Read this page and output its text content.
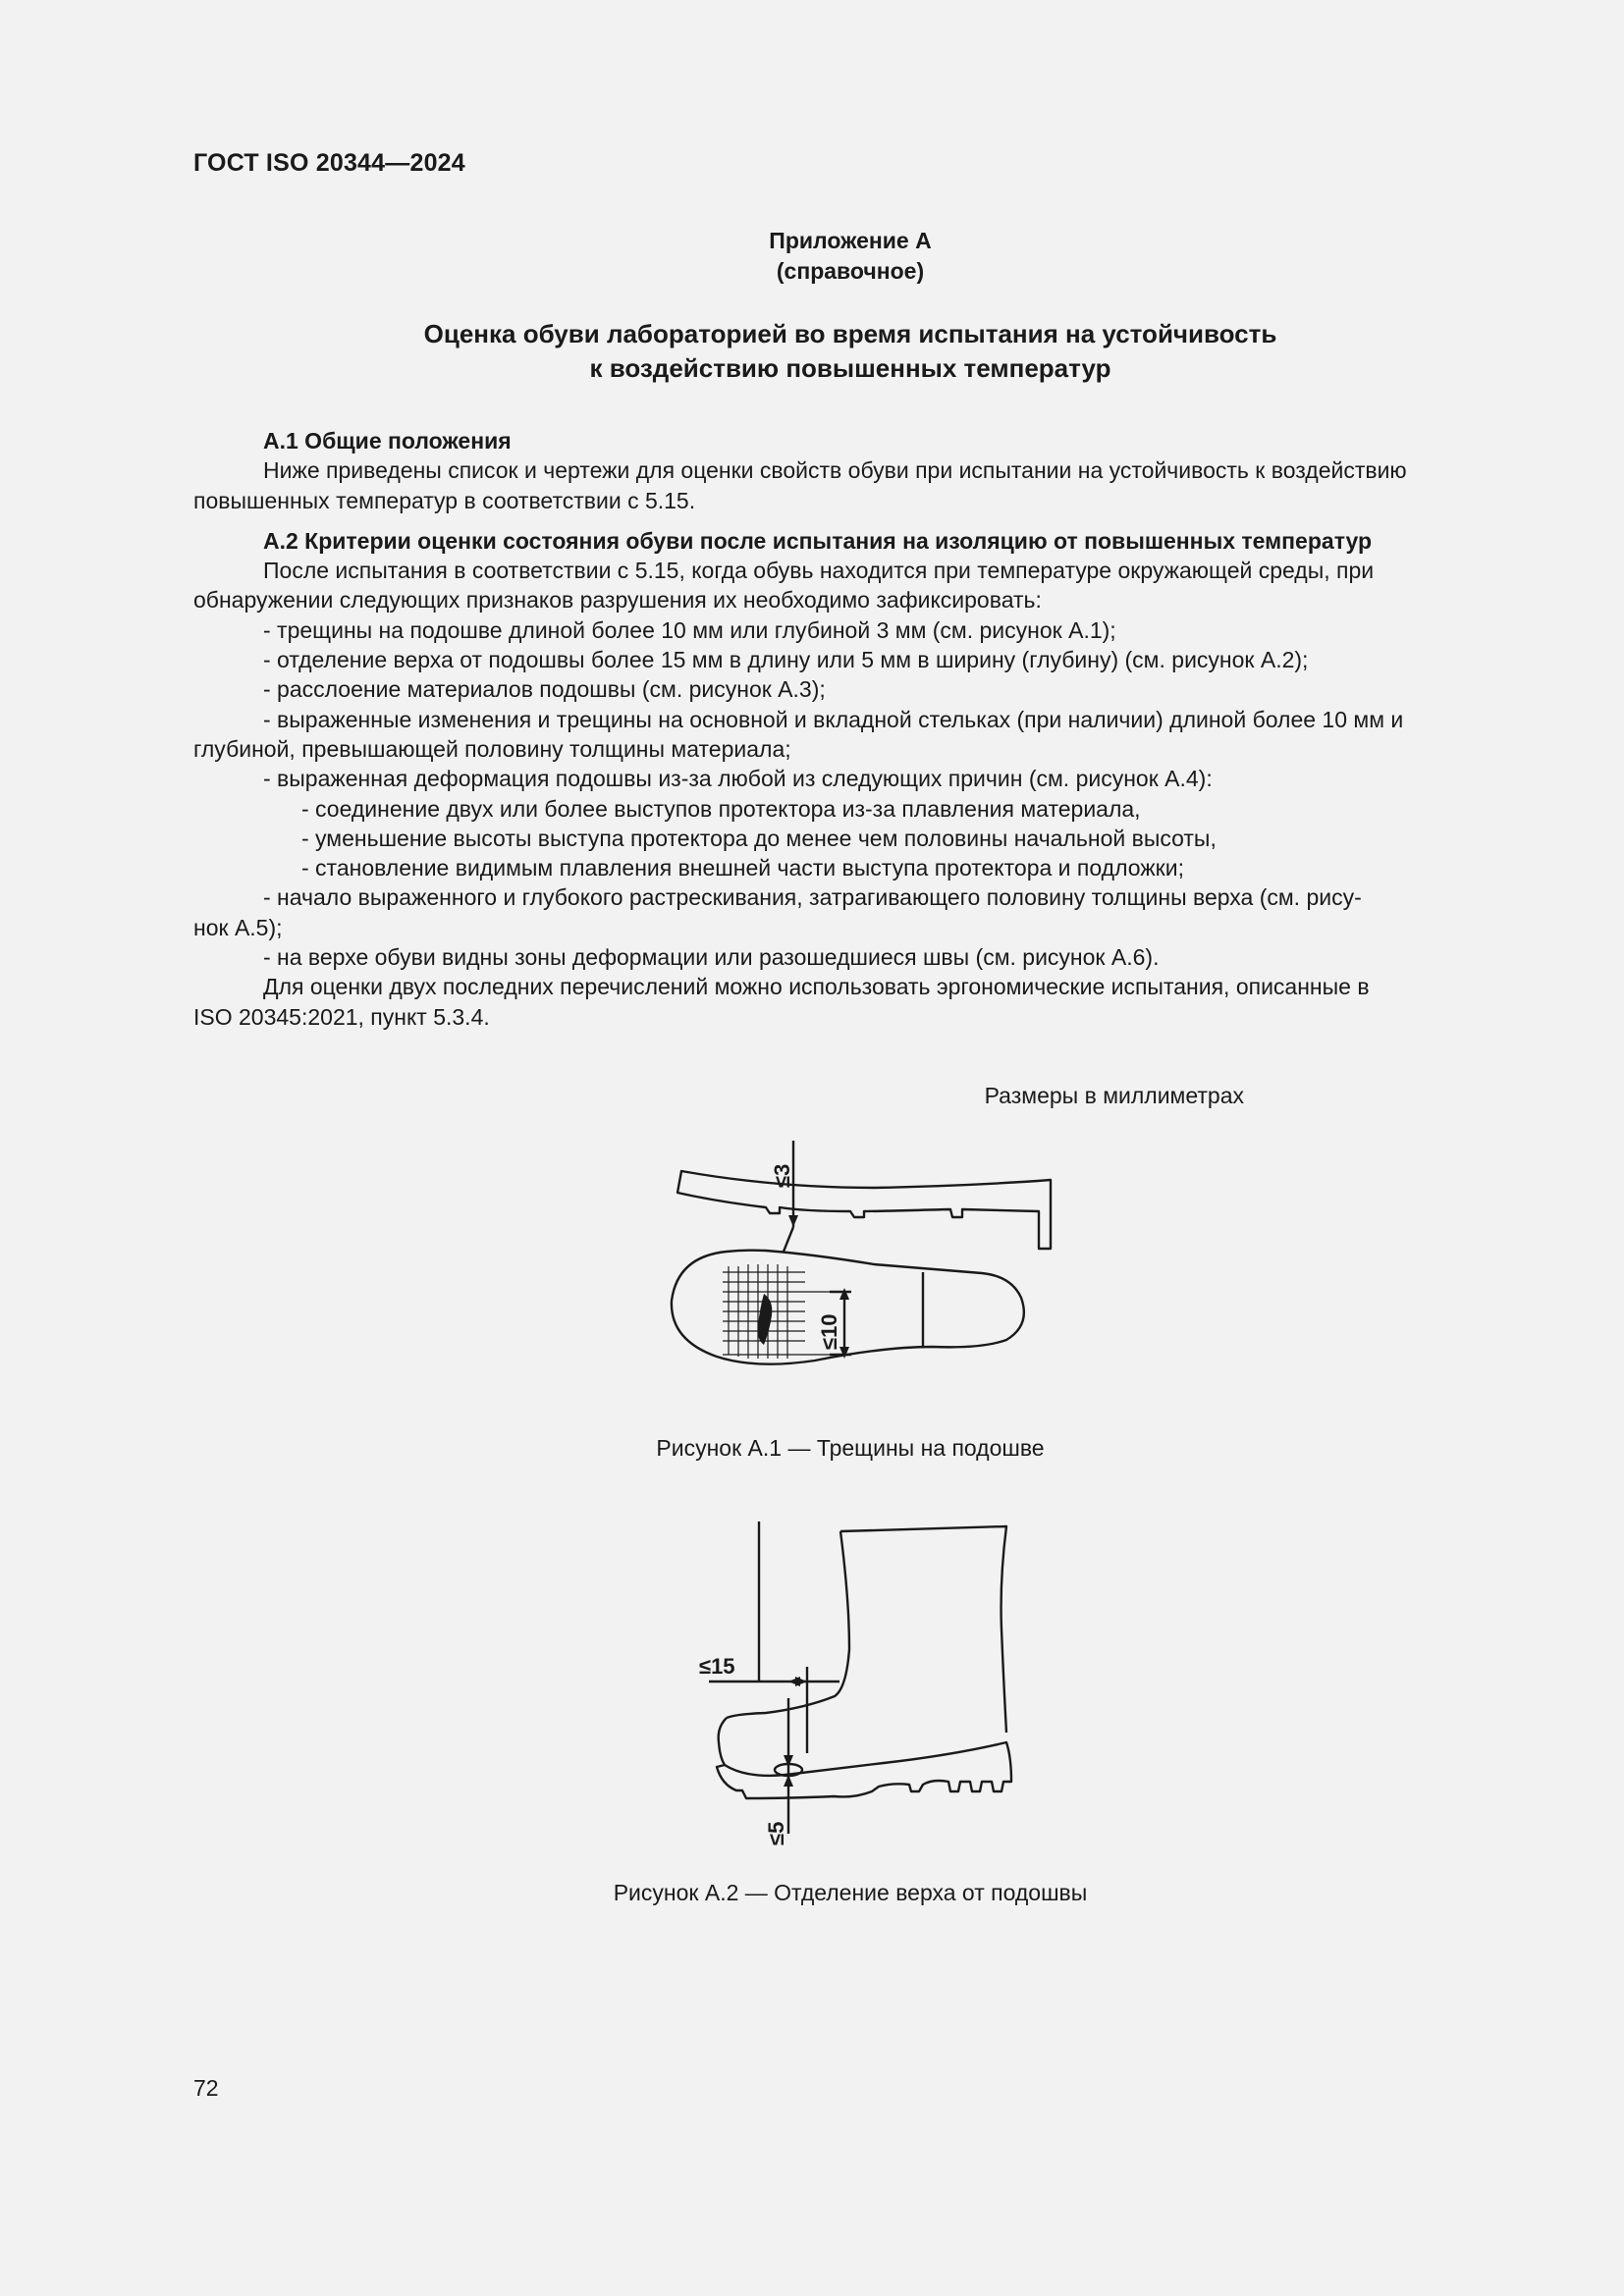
ГОСТ ISO 20344—2024
Приложение А
(справочное)
Оценка обуви лабораторией во время испытания на устойчивость
к воздействию повышенных температур

А.1 Общие положения

Ниже приведены список и чертежи для оценки свойств обуви при испытании на устойчивость к воздействию

повышенных температур в соответствии с 5.15.

А.2 Критерии оценки состояния обуви после испытания на изоляцию от повышенных температур

После испытания в соответствии с 5.15, когда обувь находится при температуре окружающей среды, при

обнаружении следующих признаков разрушения их необходимо зафиксировать:

- трещины на подошве длиной более 10 мм или глубиной 3 мм (см. рисунок А.1);

- отделение верха от подошвы более 15 мм в длину или 5 мм в ширину (глубину) (см. рисунок А.2);

- расслоение материалов подошвы (см. рисунок А.3);

- выраженные изменения и трещины на основной и вкладной стельках (при наличии) длиной более 10 мм и

глубиной, превышающей половину толщины материала;

- выраженная деформация подошвы из-за любой из следующих причин (см. рисунок А.4):

- соединение двух или более выступов протектора из-за плавления материала,

- уменьшение высоты выступа протектора до менее чем половины начальной высоты,

- становление видимым плавления внешней части выступа протектора и подложки;

- начало выраженного и глубокого растрескивания, затрагивающего половину толщины верха (см. рису-

нок А.5);

- на верхе обуви видны зоны деформации или разошедшиеся швы (см. рисунок А.6).

Для оценки двух последних перечислений можно использовать эргономические испытания, описанные в

ISO 20345:2021, пункт 5.3.4.

Размеры в миллиметрах
≤3
≤10
Рисунок А.1 — Трещины на подошве
≤15
≤5
Рисунок А.2 — Отделение верха от подошвы
72
